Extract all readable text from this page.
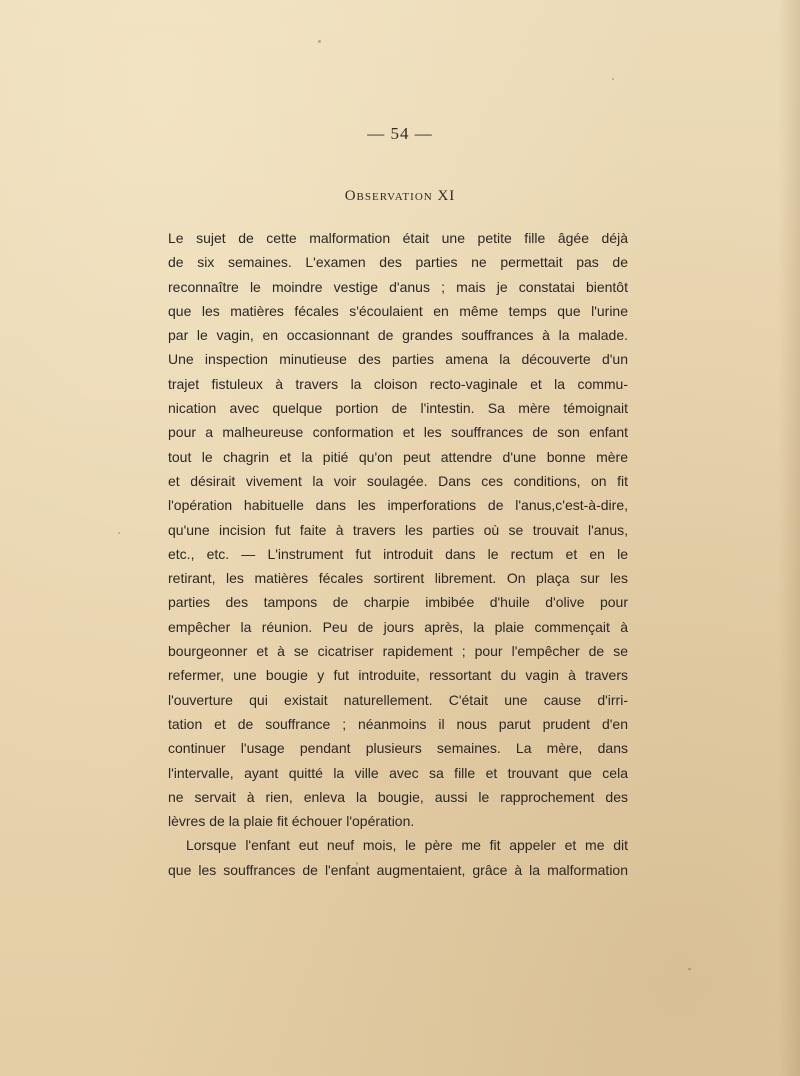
— 54 —
Observation XI
Le sujet de cette malformation était une petite fille âgée déjà
de six semaines. L'examen des parties ne permettait pas de
reconnaître le moindre vestige d'anus ; mais je constatai bientôt
que les matières fécales s'écoulaient en même temps que l'urine
par le vagin, en occasionnant de grandes souffrances à la malade.
Une inspection minutieuse des parties amena la découverte d'un
trajet fistuleux à travers la cloison recto-vaginale et la commu-
nication avec quelque portion de l'intestin. Sa mère témoignait
pour a malheureuse conformation et les souffrances de son enfant
tout le chagrin et la pitié qu'on peut attendre d'une bonne mère
et désirait vivement la voir soulagée. Dans ces conditions, on fit
l'opération habituelle dans les imperforations de l'anus,c'est-à-dire,
qu'une incision fut faite à travers les parties où se trouvait l'anus,
etc., etc. — L'instrument fut introduit dans le rectum et en le
retirant, les matières fécales sortirent librement. On plaça sur les
parties des tampons de charpie imbibée d'huile d'olive pour
empêcher la réunion. Peu de jours après, la plaie commençait à
bourgeonner et à se cicatriser rapidement ; pour l'empêcher de se
refermer, une bougie y fut introduite, ressortant du vagin à travers
l'ouverture qui existait naturellement. C'était une cause d'irri-
tation et de souffrance ; néanmoins il nous parut prudent d'en
continuer l'usage pendant plusieurs semaines. La mère, dans
l'intervalle, ayant quitté la ville avec sa fille et trouvant que cela
ne servait à rien, enleva la bougie, aussi le rapprochement des
lèvres de la plaie fit échouer l'opération.
Lorsque l'enfant eut neuf mois, le père me fit appeler et me dit
que les souffrances de l'enfant augmentaient, grâce à la malformation
